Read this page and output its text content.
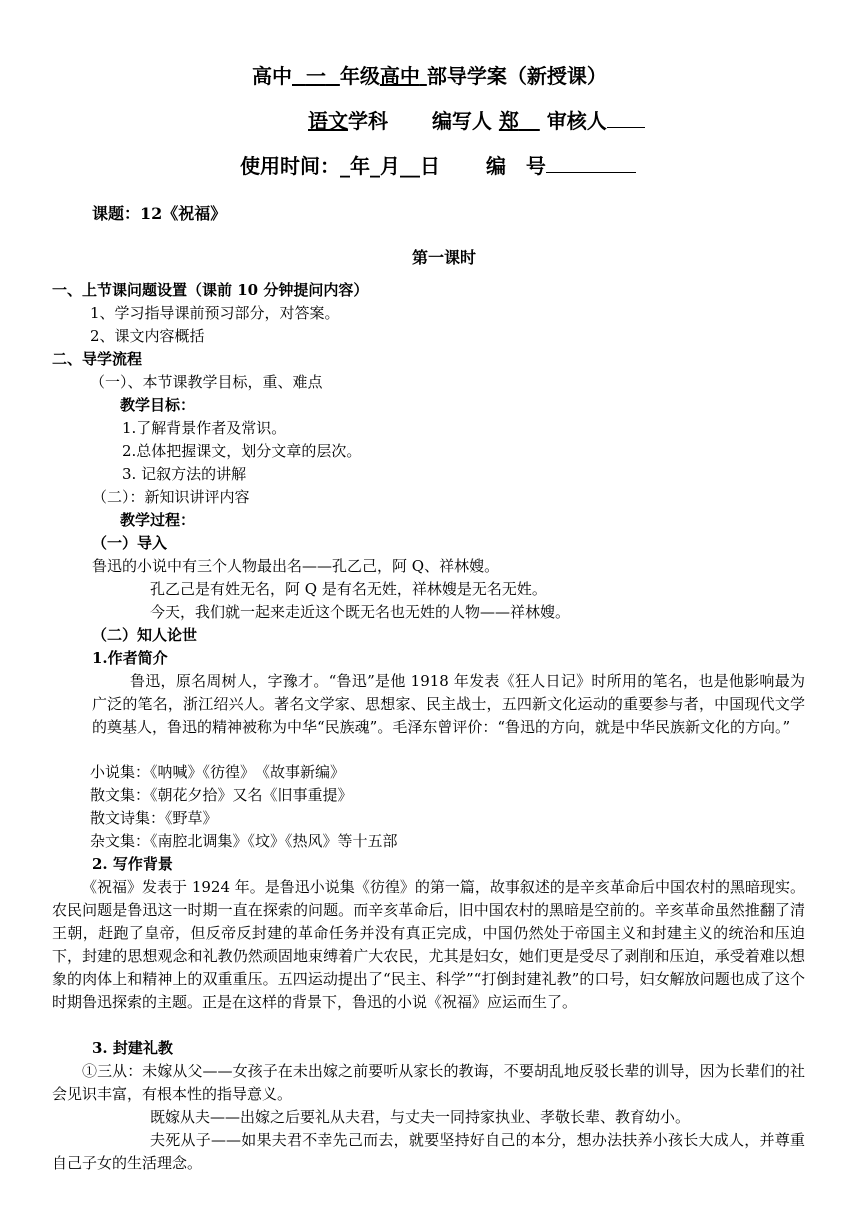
高中 一 年级高中 部导学案（新授课）
语文学科 编写人 郑 审核人
使用时间：_年_月__日 编　号
课题：12《祝福》
第一课时
一、上节课问题设置（课前 10 分钟提问内容）
1、学习指导课前预习部分，对答案。
2、课文内容概括
二、导学流程
（一）、本节课教学目标，重、难点
教学目标：
1.了解背景作者及常识。
2.总体把握课文，划分文章的层次。
3. 记叙方法的讲解
（二）：新知识讲评内容
教学过程：
（一）导入
鲁迅的小说中有三个人物最出名——孔乙己，阿 Q、祥林嫂。
孔乙己是有姓无名，阿 Q 是有名无姓，祥林嫂是无名无姓。
今天，我们就一起来走近这个既无名也无姓的人物——祥林嫂。
（二）知人论世
1.作者简介
鲁迅，原名周树人，字豫才。“鲁迅”是他 1918 年发表《狂人日记》时所用的笔名，也是他影响最为广泛的笔名，浙江绍兴人。著名文学家、思想家、民主战士，五四新文化运动的重要参与者，中国现代文学的奠基人，鲁迅的精神被称为中华“民族魂”。毛泽东曾评价：“鲁迅的方向，就是中华民族新文化的方向。”
小说集：《呐喊》《彷徨》　《故事新编》
散文集：《朝花夕拾》又名《旧事重提》
散文诗集：《野草》
杂文集：《南腔北调集》《坟》《热风》等十五部
2. 写作背景
《祝福》发表于 1924 年。是鲁迅小说集《彷徨》的第一篇，故事叙述的是辛亥革命后中国农村的黑暗现实。农民问题是鲁迅这一时期一直在探索的问题。而辛亥革命后，旧中国农村的黑暗是空前的。辛亥革命虽然推翻了清王朝，赶跑了皇帝，但反帝反封建的革命任务并没有真正完成，中国仍然处于帝国主义和封建主义的统治和压迫下，封建的思想观念和礼教仍然顽固地束缚着广大农民，尤其是妇女，她们更是受尽了剥削和压迫，承受着难以想象的肉体上和精神上的双重重压。五四运动提出了“民主、科学”“打倒封建礼教”的口号，妇女解放问题也成了这个时期鲁迅探索的主题。正是在这样的背景下，鲁迅的小说《祝福》应运而生了。
3. 封建礼教
①三从：未嫁从父——女孩子在未出嫁之前要听从家长的教诲，不要胡乱地反驳长辈的训导，因为长辈们的社会见识丰富，有根本性的指导意义。
既嫁从夫——出嫁之后要礼从夫君，与丈夫一同持家执业、孝敬长辈、教育幼小。
夫死从子——如果夫君不幸先己而去，就要坚持好自己的本分，想办法扶养小孩长大成人，并尊重自己子女的生活理念。
